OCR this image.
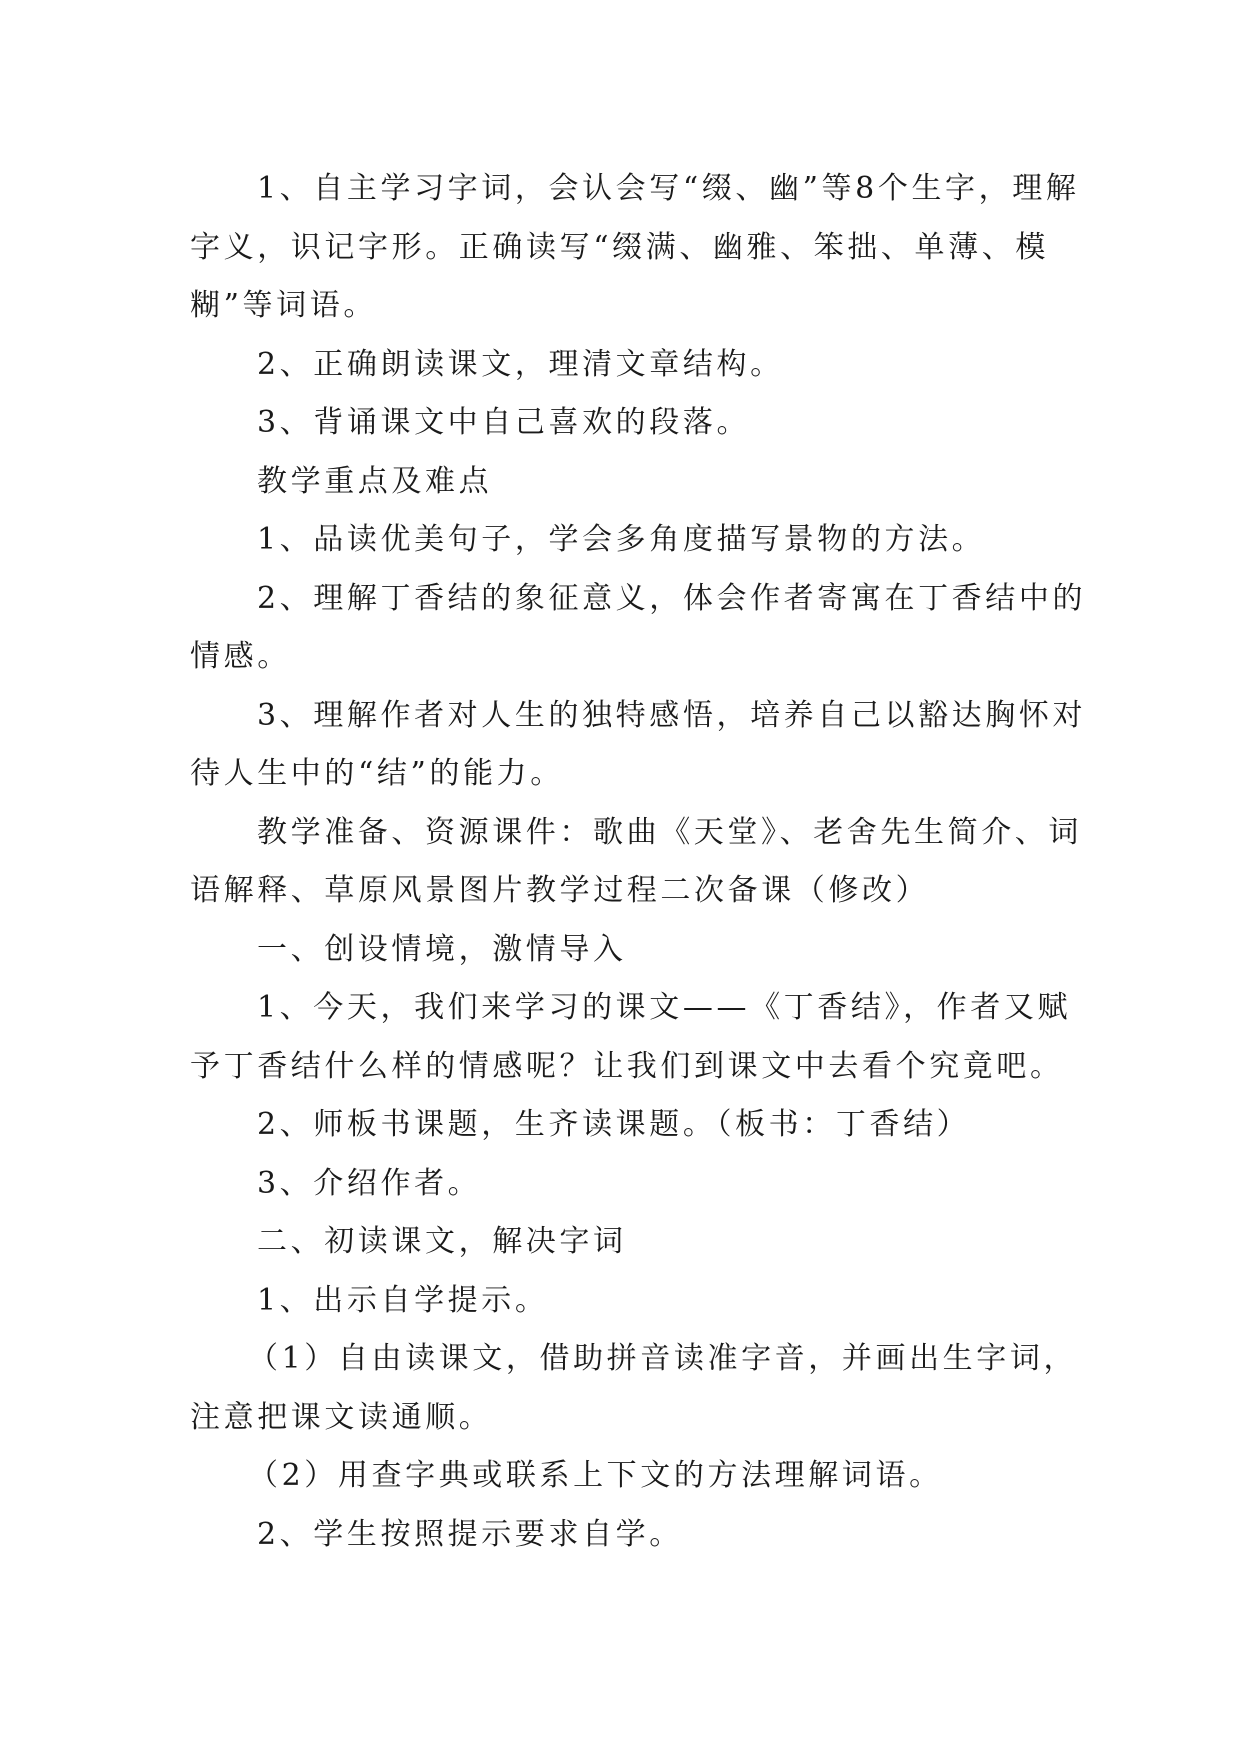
1、自主学习字词，会认会写“缀、幽”等8个生字，理解字义，识记字形。正确读写“缀满、幽雅、笨拙、单薄、模糊”等词语。

2、正确朗读课文，理清文章结构。

3、背诵课文中自己喜欢的段落。

教学重点及难点

1、品读优美句子，学会多角度描写景物的方法。

2、理解丁香结的象征意义，体会作者寄寓在丁香结中的情感。

3、理解作者对人生的独特感悟，培养自己以豁达胸怀对待人生中的“结”的能力。

教学准备、资源课件：歌曲《天堂》、老舍先生简介、词语解释、草原风景图片教学过程二次备课（修改）

一、创设情境，激情导入

1、今天，我们来学习的课文——《丁香结》，作者又赋予丁香结什么样的情感呢？让我们到课文中去看个究竟吧。

2、师板书课题，生齐读课题。（板书：丁香结）

3、介绍作者。

二、初读课文，解决字词

1、出示自学提示。

（1）自由读课文，借助拼音读准字音，并画出生字词，注意把课文读通顺。

（2）用查字典或联系上下文的方法理解词语。

2、学生按照提示要求自学。
